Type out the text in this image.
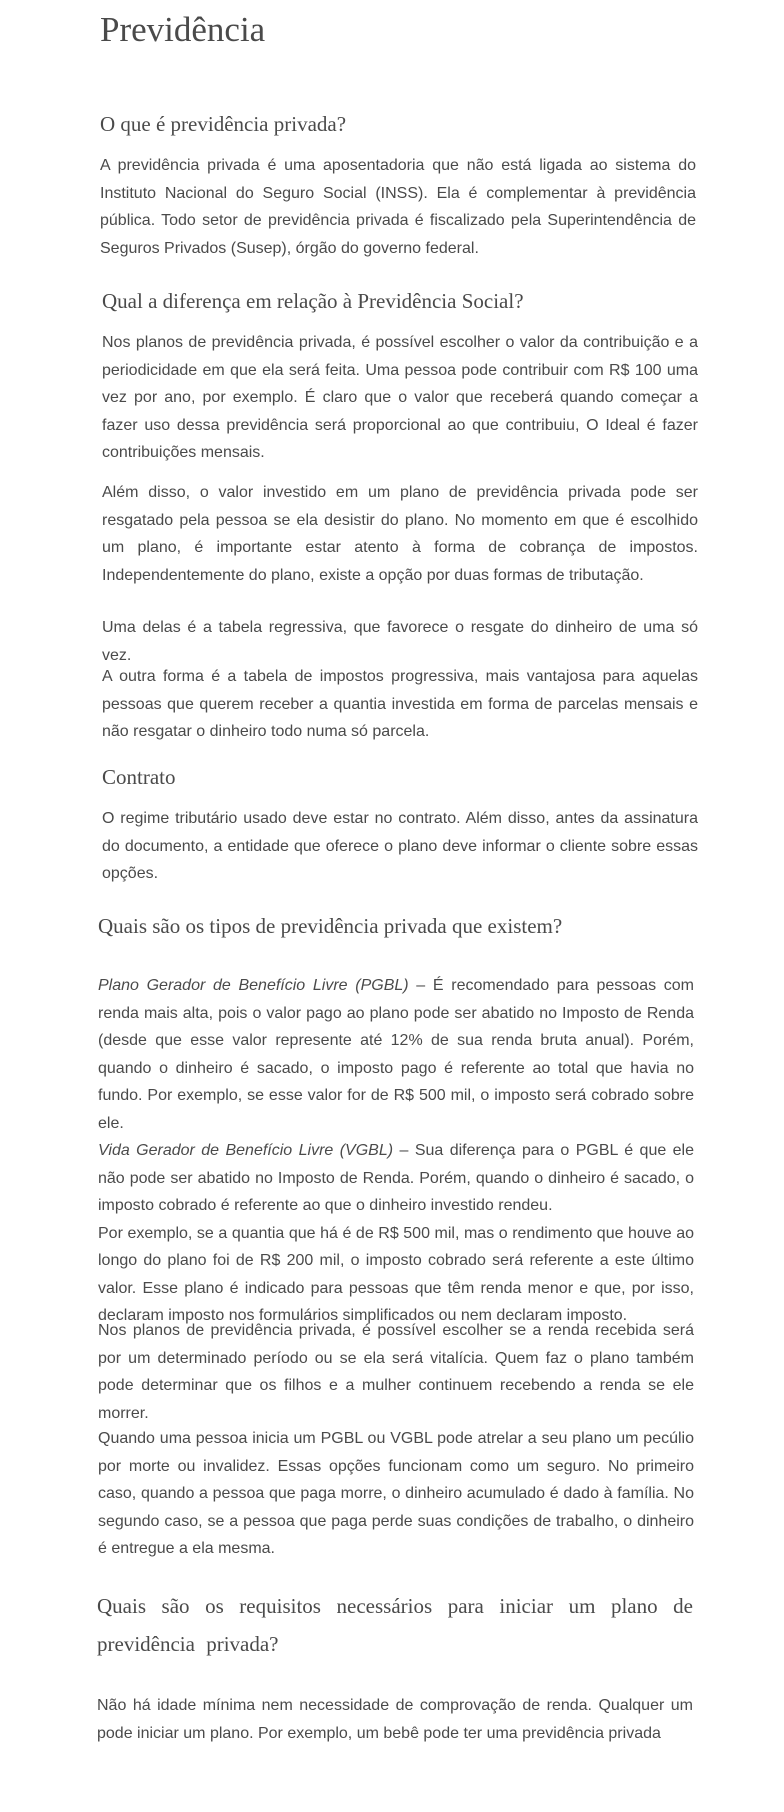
Previdência
O que é previdência privada?

A previdência privada é uma aposentadoria que não está ligada ao sistema do Instituto Nacional do Seguro Social (INSS). Ela é complementar à previdência pública. Todo setor de previdência privada é fiscalizado pela Superintendência de Seguros Privados (Susep), órgão do governo federal.

Qual a diferença em relação à Previdência Social?

Nos planos de previdência privada, é possível escolher o valor da contribuição e a periodicidade em que ela será feita. Uma pessoa pode contribuir com R$ 100 uma vez por ano, por exemplo. É claro que o valor que receberá quando começar a fazer uso dessa previdência será proporcional ao que contribuiu, O Ideal é fazer contribuições mensais.

Além disso, o valor investido em um plano de previdência privada pode ser resgatado pela pessoa se ela desistir do plano. No momento em que é escolhido um plano, é importante estar atento à forma de cobrança de impostos. Independentemente do plano, existe a opção por duas formas de tributação.

Uma delas é a tabela regressiva, que favorece o resgate do dinheiro de uma só vez.

A outra forma é a tabela de impostos progressiva, mais vantajosa para aquelas pessoas que querem receber a quantia investida em forma de parcelas mensais e não resgatar o dinheiro todo numa só parcela.

Contrato

O regime tributário usado deve estar no contrato. Além disso, antes da assinatura do documento, a entidade que oferece o plano deve informar o cliente sobre essas opções.

Quais são os tipos de previdência privada que existem?
Plano Gerador de Benefício Livre (PGBL) – É recomendado para pessoas com renda mais alta, pois o valor pago ao plano pode ser abatido no Imposto de Renda (desde que esse valor represente até 12% de sua renda bruta anual). Porém, quando o dinheiro é sacado, o imposto pago é referente ao total que havia no fundo. Por exemplo, se esse valor for de R$ 500 mil, o imposto será cobrado sobre ele.
Vida Gerador de Benefício Livre (VGBL) – Sua diferença para o PGBL é que ele não pode ser abatido no Imposto de Renda. Porém, quando o dinheiro é sacado, o imposto cobrado é referente ao que o dinheiro investido rendeu.
Por exemplo, se a quantia que há é de R$ 500 mil, mas o rendimento que houve ao longo do plano foi de R$ 200 mil, o imposto cobrado será referente a este último valor. Esse plano é indicado para pessoas que têm renda menor e que, por isso, declaram imposto nos formulários simplificados ou nem declaram imposto.

Nos planos de previdência privada, é possível escolher se a renda recebida será por um determinado período ou se ela será vitalícia. Quem faz o plano também pode determinar que os filhos e a mulher continuem recebendo a renda se ele morrer.

Quando uma pessoa inicia um PGBL ou VGBL pode atrelar a seu plano um pecúlio por morte ou invalidez. Essas opções funcionam como um seguro. No primeiro caso, quando a pessoa que paga morre, o dinheiro acumulado é dado à família. No segundo caso, se a pessoa que paga perde suas condições de trabalho, o dinheiro é entregue a ela mesma.

Quais são os requisitos necessários para iniciar um plano de previdência privada?

Não há idade mínima nem necessidade de comprovação de renda. Qualquer um pode iniciar um plano. Por exemplo, um bebê pode ter uma previdência privada
